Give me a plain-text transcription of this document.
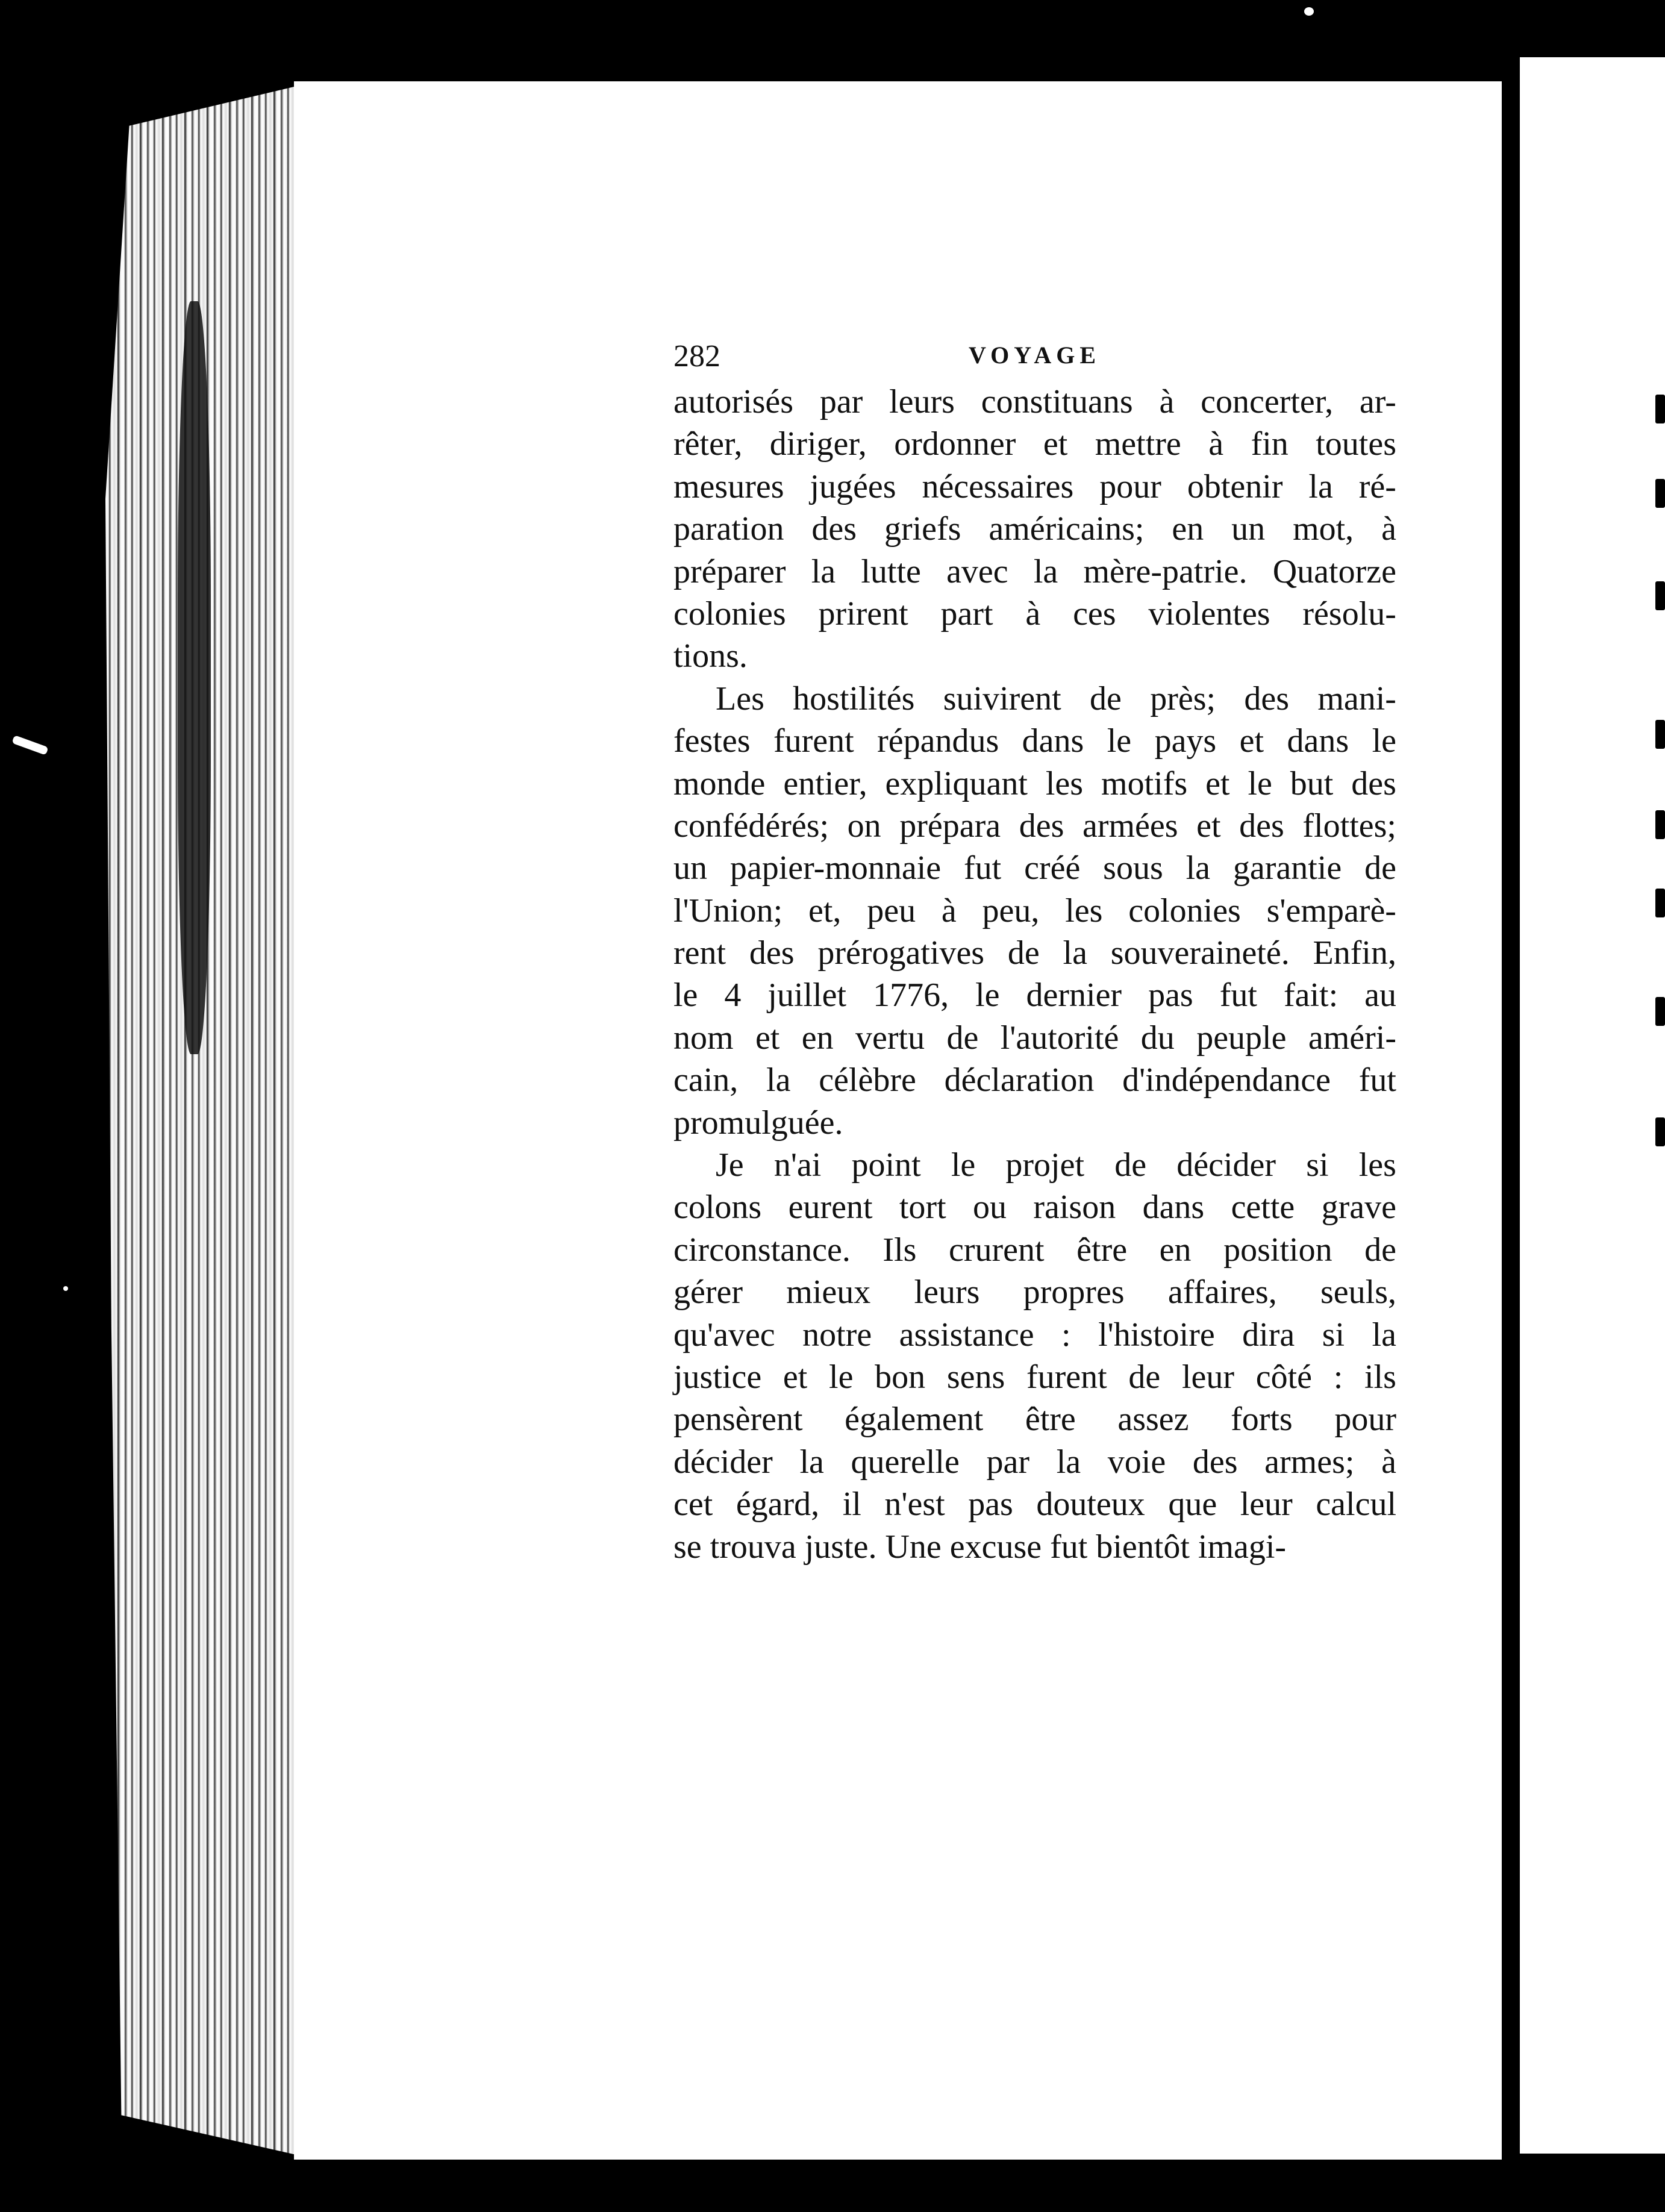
282	VOYAGE
autorisés par leurs constituans à concerter, ar-
rêter, diriger, ordonner et mettre à fin toutes
mesures jugées nécessaires pour obtenir la ré-
paration des griefs américains; en un mot, à
préparer la lutte avec la mère-patrie. Quatorze
colonies prirent part à ces violentes résolu-
tions.
Les hostilités suivirent de près; des mani-
festes furent répandus dans le pays et dans le
monde entier, expliquant les motifs et le but des
confédérés; on prépara des armées et des flottes;
un papier-monnaie fut créé sous la garantie de
l'Union; et, peu à peu, les colonies s'emparè-
rent des prérogatives de la souveraineté. Enfin,
le 4 juillet 1776, le dernier pas fut fait: au
nom et en vertu de l'autorité du peuple améri-
cain, la célèbre déclaration d'indépendance fut
promulguée.
Je n'ai point le projet de décider si les
colons eurent tort ou raison dans cette grave
circonstance. Ils crurent être en position de
gérer mieux leurs propres affaires, seuls,
qu'avec notre assistance : l'histoire dira si la
justice et le bon sens furent de leur côté : ils
pensèrent également être assez forts pour
décider la querelle par la voie des armes; à
cet égard, il n'est pas douteux que leur calcul
se trouva juste. Une excuse fut bientôt imagi-
